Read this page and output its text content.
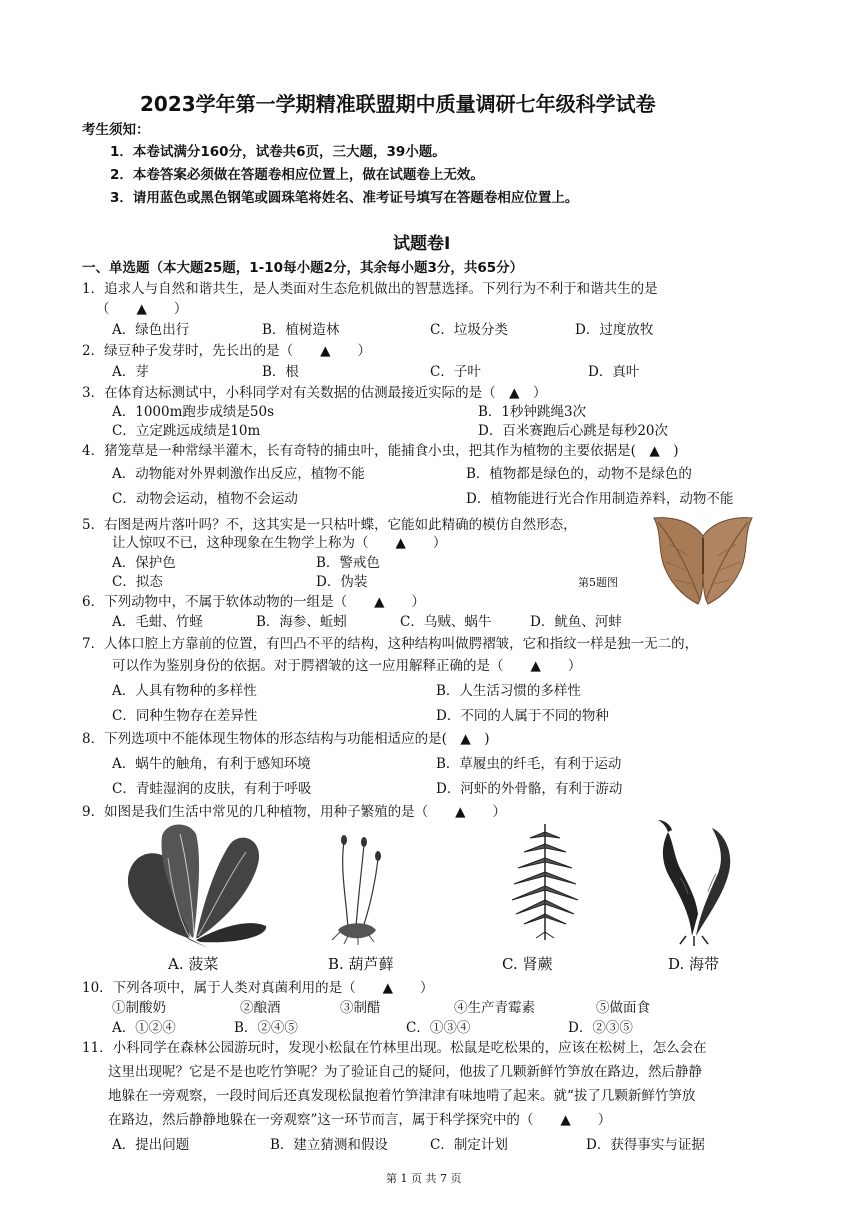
2023学年第一学期精准联盟期中质量调研七年级科学试卷
考生须知：
1．本卷试满分160分，试卷共6页，三大题，39小题。
2．本卷答案必须做在答题卷相应位置上，做在试题卷上无效。
3．请用蓝色或黑色钢笔或圆珠笔将姓名、准考证号填写在答题卷相应位置上。
试题卷Ⅰ
一、单选题（本大题25题，1-10每小题2分，其余每小题3分，共65分）
1．追求人与自然和谐共生，是人类面对生态危机做出的智慧选择。下列行为不利于和谐共生的是
（　　▲　　）
A．绿色出行	B．植树造林	C．垃圾分类	D．过度放牧
2．绿豆种子发芽时，先长出的是（　　▲　　）
A．芽	B．根	C．子叶	D．真叶
3．在体育达标测试中，小科同学对有关数据的估测最接近实际的是（　▲　）
A．1000m跑步成绩是50s	B．1秒钟跳绳3次
C．立定跳远成绩是10m	D．百米赛跑后心跳是每秒20次
4．猪笼草是一种常绿半灌木，长有奇特的捕虫叶，能捕食小虫，把其作为植物的主要依据是(　▲　)
A．动物能对外界刺激作出反应，植物不能	B．植物都是绿色的，动物不是绿色的
C．动物会运动，植物不会运动	D．植物能进行光合作用制造养料，动物不能
5．右图是两片落叶吗？不，这其实是一只枯叶蝶，它能如此精确的模仿自然形态，
让人惊叹不已，这种现象在生物学上称为（　　▲　　）
A．保护色	B．警戒色
C．拟态	D．伪装	第5题图
6．下列动物中，不属于软体动物的一组是（　　▲　　）
A．毛蚶、竹蛏	B．海参、蚯蚓	C．乌贼、蜗牛	D．鱿鱼、河蚌
7．人体口腔上方靠前的位置，有凹凸不平的结构，这种结构叫做腭褶皱，它和指纹一样是独一无二的，
可以作为鉴别身份的依据。对于腭褶皱的这一应用解释正确的是（　　▲　　）
A．人具有物种的多样性	B．人生活习惯的多样性
C．同种生物存在差异性	D．不同的人属于不同的物种
8．下列选项中不能体现生物体的形态结构与功能相适应的是(　▲　)
A．蜗牛的触角，有利于感知环境	B．草履虫的纤毛，有利于运动
C．青蛙湿润的皮肤，有利于呼吸	D．河虾的外骨骼，有利于游动
9．如图是我们生活中常见的几种植物，用种子繁殖的是（　　▲　　）
A. 菠菜	B. 葫芦藓	C. 肾蕨	D. 海带
10．下列各项中，属于人类对真菌利用的是（　　▲　　）
①制酸奶	②酿酒	③制醋	④生产青霉素	⑤做面食
A．①②④	B．②④⑤	C．①③④	D．②③⑤
11．小科同学在森林公园游玩时，发现小松鼠在竹林里出现。松鼠是吃松果的，应该在松树上，怎么会在
这里出现呢？它是不是也吃竹笋呢？为了验证自己的疑问，他拔了几颗新鲜竹笋放在路边，然后静静
地躲在一旁观察，一段时间后还真发现松鼠抱着竹笋津津有味地啃了起来。就“拔了几颗新鲜竹笋放
在路边，然后静静地躲在一旁观察”这一环节而言，属于科学探究中的（　　▲　　）
A．提出问题	B．建立猜测和假设	C．制定计划	D．获得事实与证据
第 1 页 共 7 页
